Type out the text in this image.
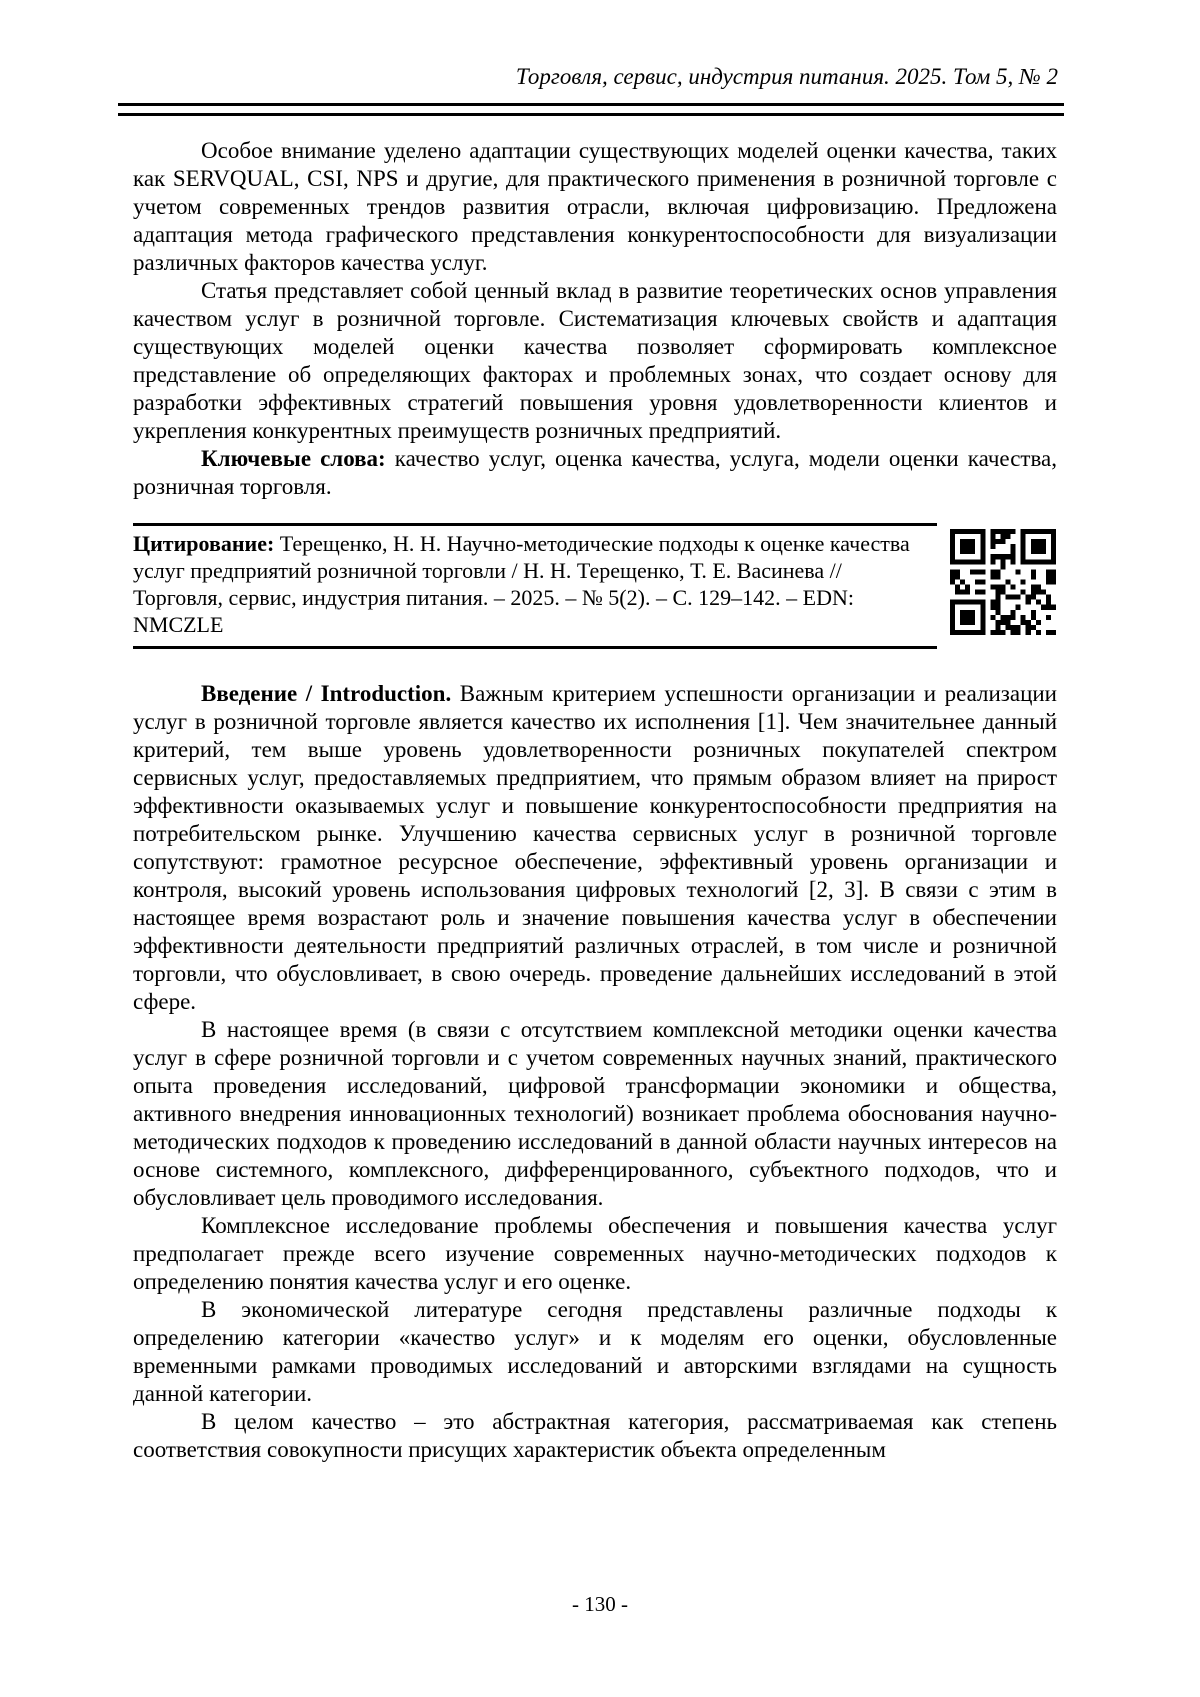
Торговля, сервис, индустрия питания. 2025. Том 5, № 2

Особое внимание уделено адаптации существующих моделей оценки качества, таких как SERVQUAL, CSI, NPS и другие, для практического применения в розничной торговле с учетом современных трендов развития отрасли, включая цифровизацию. Предложена адаптация метода графического представления конкурентоспособности для визуализации различных факторов качества услуг.

Статья представляет собой ценный вклад в развитие теоретических основ управления качеством услуг в розничной торговле. Систематизация ключевых свойств и адаптация существующих моделей оценки качества позволяет сформировать комплексное представление об определяющих факторах и проблемных зонах, что создает основу для разработки эффективных стратегий повышения уровня удовлетворенности клиентов и укрепления конкурентных преимуществ розничных предприятий.

Ключевые слова: качество услуг, оценка качества, услуга, модели оценки качества, розничная торговля.

Цитирование: Терещенко, Н. Н. Научно-методические подходы к оценке качества услуг предприятий розничной торговли / Н. Н. Терещенко, Т. Е. Васинева // Торговля, сервис, индустрия питания. – 2025. – № 5(2). – С. 129–142. – EDN: NMCZLE

Введение / Introduction. Важным критерием успешности организации и реализации услуг в розничной торговле является качество их исполнения [1]. Чем значительнее данный критерий, тем выше уровень удовлетворенности розничных покупателей спектром сервисных услуг, предоставляемых предприятием, что прямым образом влияет на прирост эффективности оказываемых услуг и повышение конкурентоспособности предприятия на потребительском рынке. Улучшению качества сервисных услуг в розничной торговле сопутствуют: грамотное ресурсное обеспечение, эффективный уровень организации и контроля, высокий уровень использования цифровых технологий [2, 3]. В связи с этим в настоящее время возрастают роль и значение повышения качества услуг в обеспечении эффективности деятельности предприятий различных отраслей, в том числе и розничной торговли, что обусловливает, в свою очередь. проведение дальнейших исследований в этой сфере.

В настоящее время (в связи с отсутствием комплексной методики оценки качества услуг в сфере розничной торговли и с учетом современных научных знаний, практического опыта проведения исследований, цифровой трансформации экономики и общества, активного внедрения инновационных технологий) возникает проблема обоснования научно-методических подходов к проведению исследований в данной области научных интересов на основе системного, комплексного, дифференцированного, субъектного подходов, что и обусловливает цель проводимого исследования.

Комплексное исследование проблемы обеспечения и повышения качества услуг предполагает прежде всего изучение современных научно-методических подходов к определению понятия качества услуг и его оценке.

В экономической литературе сегодня представлены различные подходы к определению категории «качество услуг» и к моделям его оценки, обусловленные временными рамками проводимых исследований и авторскими взглядами на сущность данной категории.

В целом качество – это абстрактная категория, рассматриваемая как степень соответствия совокупности присущих характеристик объекта определенным

- 130 -
